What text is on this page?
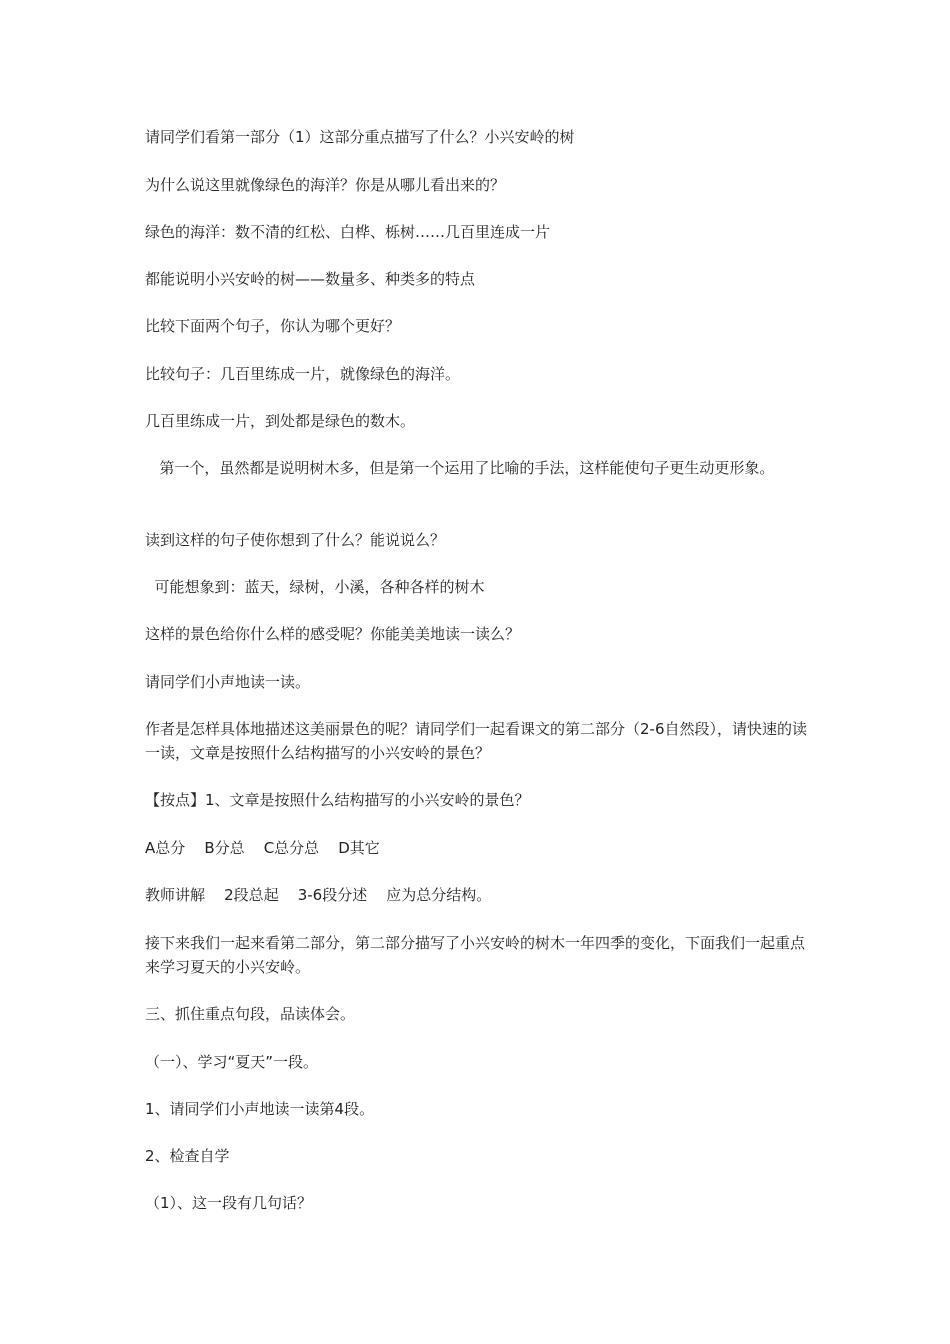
请同学们看第一部分（1）这部分重点描写了什么？小兴安岭的树

为什么说这里就像绿色的海洋？你是从哪儿看出来的？

绿色的海洋：数不清的红松、白桦、栎树……几百里连成一片

都能说明小兴安岭的树——数量多、种类多的特点

比较下面两个句子，你认为哪个更好？

比较句子：几百里练成一片，就像绿色的海洋。

几百里练成一片，到处都是绿色的数木。

第一个，虽然都是说明树木多，但是第一个运用了比喻的手法，这样能使句子更生动更形象。

读到这样的句子使你想到了什么？能说说么？

可能想象到：蓝天，绿树，小溪，各种各样的树木

这样的景色给你什么样的感受呢？你能美美地读一读么？

请同学们小声地读一读。

作者是怎样具体地描述这美丽景色的呢？请同学们一起看课文的第二部分（2-6自然段），请快速的读一读，文章是按照什么结构描写的小兴安岭的景色？

【按点】1、文章是按照什么结构描写的小兴安岭的景色？

A总分    B分总    C总分总    D其它

教师讲解    2段总起    3-6段分述    应为总分结构。

接下来我们一起来看第二部分，第二部分描写了小兴安岭的树木一年四季的变化，下面我们一起重点来学习夏天的小兴安岭。

三、抓住重点句段，品读体会。

（一）、学习“夏天”一段。

1、请同学们小声地读一读第4段。

2、检查自学

（1）、这一段有几句话？
